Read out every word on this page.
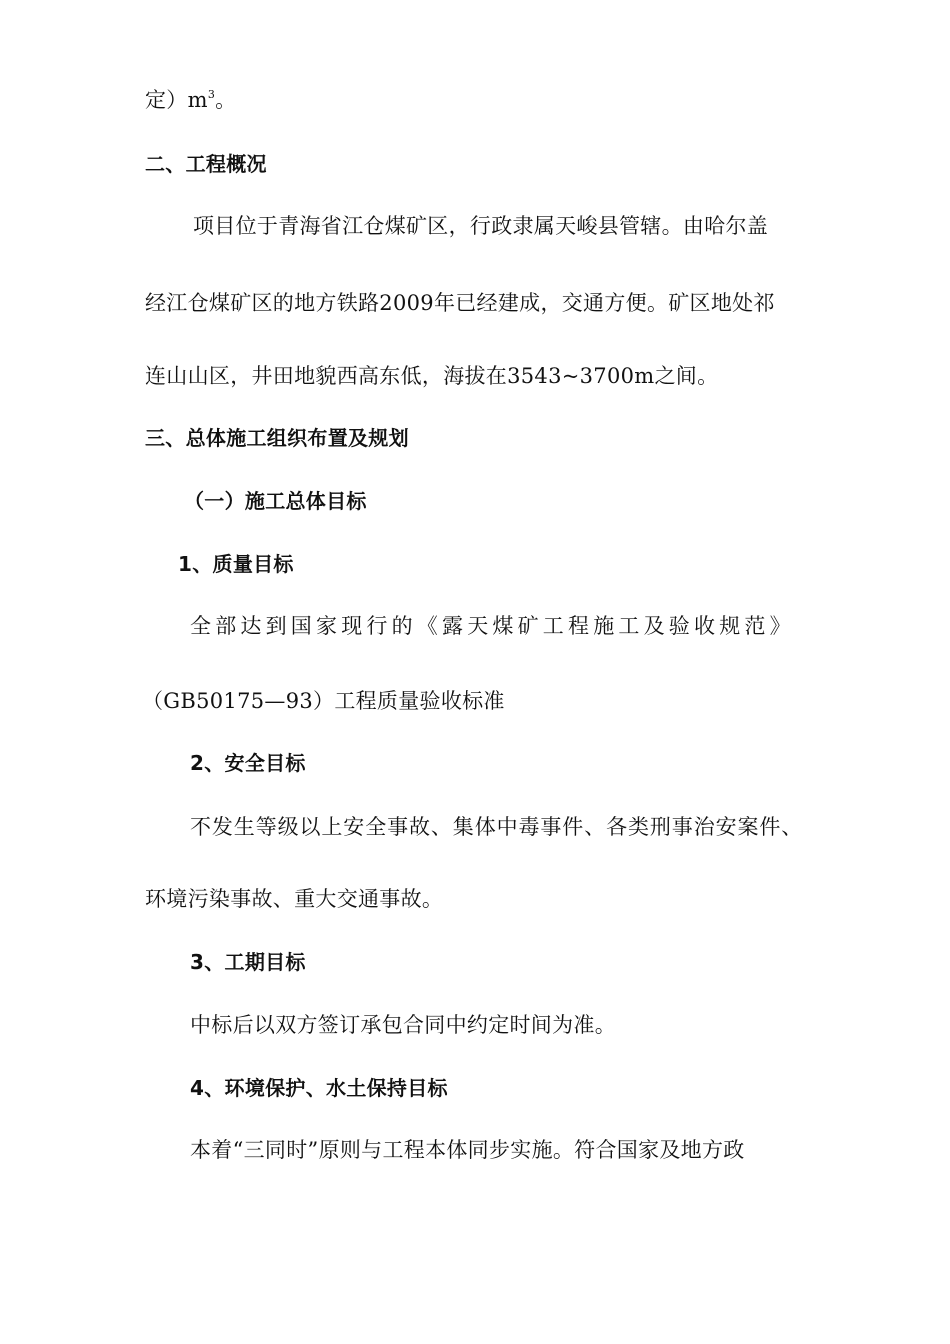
定）$m^3$。
二、工程概况
项目位于青海省江仓煤矿区，行政隶属天峻县管辖。由哈尔盖
经江仓煤矿区的地方铁路2009年已经建成，交通方便。矿区地处祁
连山山区，井田地貌西高东低，海拔在3543~3700m之间。
三、总体施工组织布置及规划
（一）施工总体目标
1、质量目标
全部达到国家现行的《露天煤矿工程施工及验收规范》
（GB50175—93）工程质量验收标准
2、安全目标
不发生等级以上安全事故、集体中毒事件、各类刑事治安案件、
环境污染事故、重大交通事故。
3、工期目标
中标后以双方签订承包合同中约定时间为准。
4、环境保护、水土保持目标
本着“三同时”原则与工程本体同步实施。符合国家及地方政
